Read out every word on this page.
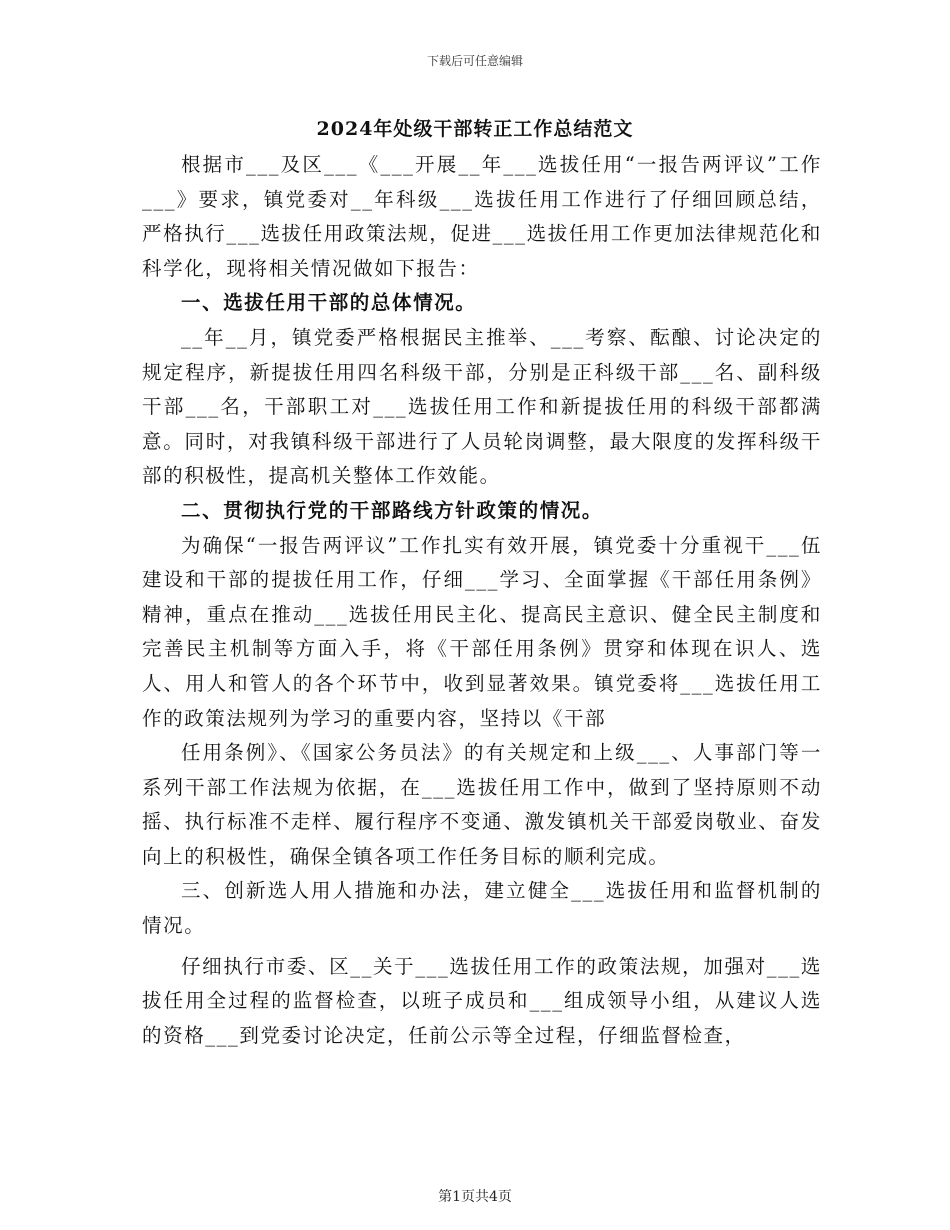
下载后可任意编辑
2024年处级干部转正工作总结范文

根据市___及区___《___开展__年___选拔任用“一报告两评议”工作___》要求，镇党委对__年科级___选拔任用工作进行了仔细回顾总结，严格执行___选拔任用政策法规，促进___选拔任用工作更加法律规范化和科学化，现将相关情况做如下报告：

一、选拔任用干部的总体情况。

__年__月，镇党委严格根据民主推举、___考察、酝酿、讨论决定的规定程序，新提拔任用四名科级干部，分别是正科级干部___名、副科级干部___名，干部职工对___选拔任用工作和新提拔任用的科级干部都满意。同时，对我镇科级干部进行了人员轮岗调整，最大限度的发挥科级干部的积极性，提高机关整体工作效能。

二、贯彻执行党的干部路线方针政策的情况。

为确保“一报告两评议”工作扎实有效开展，镇党委十分重视干___伍建设和干部的提拔任用工作，仔细___学习、全面掌握《干部任用条例》精神，重点在推动___选拔任用民主化、提高民主意识、健全民主制度和完善民主机制等方面入手，将《干部任用条例》贯穿和体现在识人、选人、用人和管人的各个环节中，收到显著效果。镇党委将___选拔任用工作的政策法规列为学习的重要内容，坚持以《干部

任用条例》、《国家公务员法》的有关规定和上级___、人事部门等一系列干部工作法规为依据，在___选拔任用工作中，做到了坚持原则不动摇、执行标准不走样、履行程序不变通、激发镇机关干部爱岗敬业、奋发向上的积极性，确保全镇各项工作任务目标的顺利完成。

三、创新选人用人措施和办法，建立健全___选拔任用和监督机制的情况。

仔细执行市委、区__关于___选拔任用工作的政策法规，加强对___选拔任用全过程的监督检查，以班子成员和___组成领导小组，从建议人选的资格___到党委讨论决定，任前公示等全过程，仔细监督检查，

第1页共4页
